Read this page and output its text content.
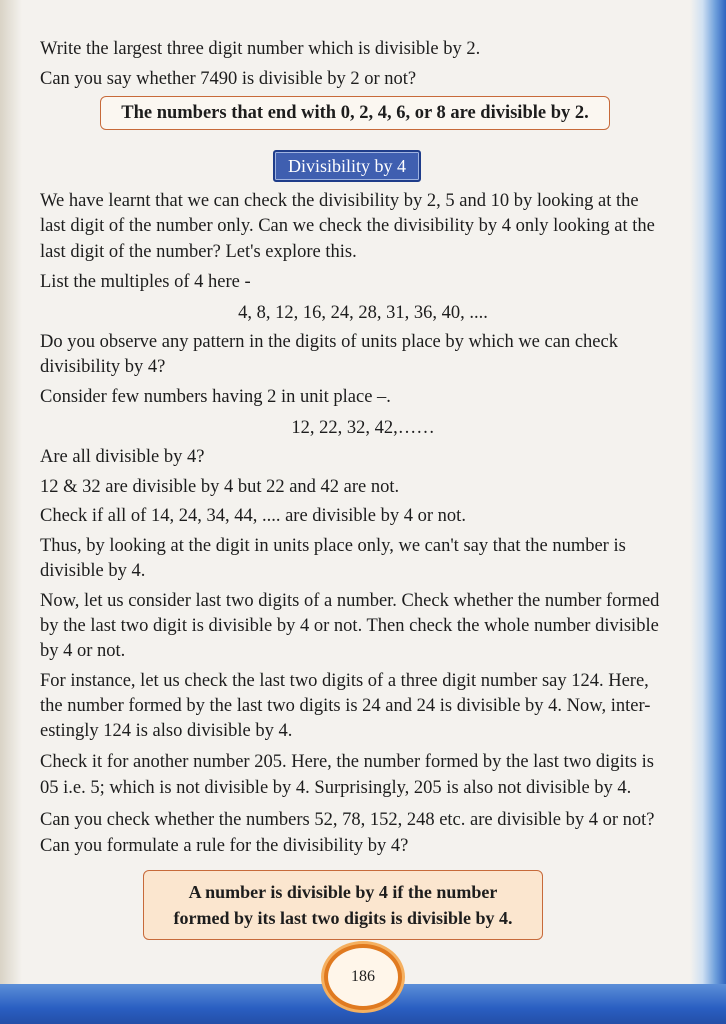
Write the largest three digit number which is divisible by 2.
Can you say whether 7490 is divisible by 2 or not?
The numbers that end with 0, 2, 4, 6, or 8 are divisible by 2.
Divisibility by 4
We have learnt that we can check the divisibility by 2, 5 and 10 by looking at the
last digit of the number only. Can we check the divisibility by 4 only looking at the
last digit of the number? Let's explore this.
List the multiples of 4 here -
4, 8, 12, 16, 24, 28, 31, 36, 40, ....
Do you observe any pattern in the digits of units place by which we can check
divisibility by 4?
Consider few numbers having 2 in unit place –.
12, 22, 32, 42,……
Are all divisible by 4?
12 & 32 are divisible by 4 but 22 and 42 are not.
Check if all of 14, 24, 34, 44, .... are divisible by 4 or not.
Thus, by looking at the digit in units place only, we can't say that the number is
divisible by 4.
Now, let us consider last two digits of a number. Check whether the number formed
by the last two digit is divisible by 4 or not. Then check the whole number divisible
by 4 or not.
For instance, let us check the last two digits of a three digit number say 124. Here,
the number formed by the last two digits is 24 and 24 is divisible by 4. Now, inter-
estingly 124 is also divisible by 4.
Check it for another number 205. Here, the number formed by the last two digits is
05 i.e. 5; which is not divisible by 4. Surprisingly, 205 is also not divisible by 4.
Can you check whether the numbers 52, 78, 152, 248 etc. are divisible by 4 or not?
Can you formulate a rule for the divisibility by 4?
A number is divisible by 4 if the number
formed by its last two digits is divisible by 4.
186
